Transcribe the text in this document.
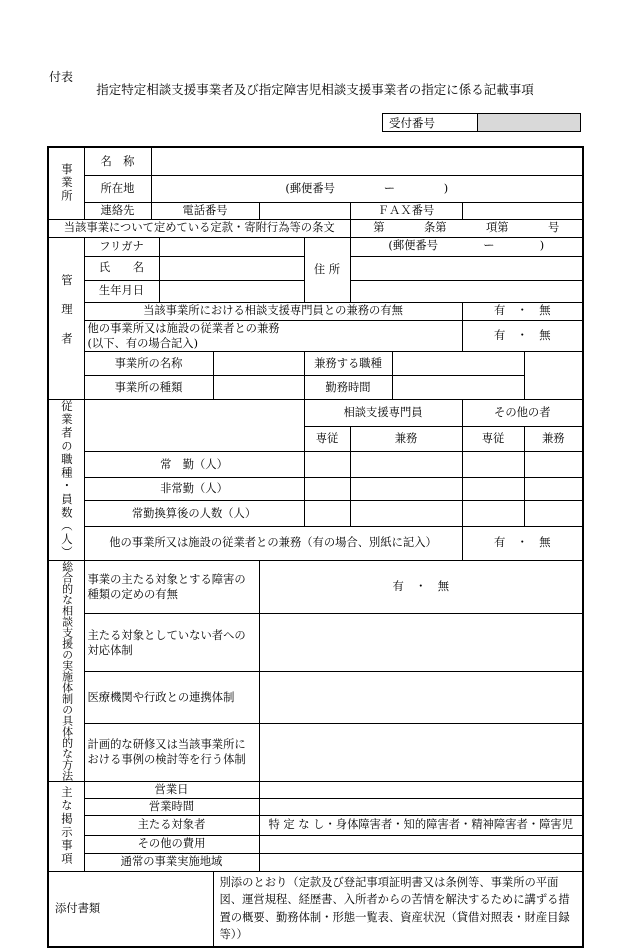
付表
指定特定相談支援事業者及び指定障害児相談支援事業者の指定に係る記載事項
受付番号	
事業所	名　称									
	所在地	(郵便番号　　　　 ー　　　　 )								
	連絡先	電話番号					ＦＡＸ番号			
当該事業について定めている定款・寄附行為等の条文							第 条第 項第 号			

管理者	フリガナ					住 所	(郵便番号　　　　ー　　　　)			
	氏　　名									
	生年月日									
	当該事業所における相談支援専門員との兼務の有無								有　・　無	

	他の事業所又は施設の従業者との兼務
(以下、有の場合記入)								有　・　無	
	事業所の名称					兼務する職種				
	事業所の種類					勤務時間				
従業者の職種・員数（人）						相談支援専門員			その他の者	
						専従	兼務		専従	兼務
	常　勤（人）									
	非常勤（人）									
	常勤換算後の人数（人）									
	他の事業所又は施設の従業者との兼務（有の場合、別紙に記入）								有　・　無	
総合的な相談支援の実施体制の具体的な方法	事業の主たる対象とする障害の種類の定めの有無				有　・　無					
	主たる対象としていない者への対応体制									
	医療機関や行政との連携体制									
	計画的な研修又は当該事業所における事例の検討等を行う体制									
主な掲示事項	営業日									
	営業時間									
	主たる対象者				特 定 な し・身体障害者・知的障害者・精神障害者・障害児					
	その他の費用									
	通常の事業実施地域									
添付書類				別添のとおり（定款及び登記事項証明書又は条例等、事業所の平面図、運営規程、経歴書、入所者からの苦情を解決するために講ずる措置の概要、勤務体制・形態一覧表、資産状況（貸借対照表・財産目録等））						
